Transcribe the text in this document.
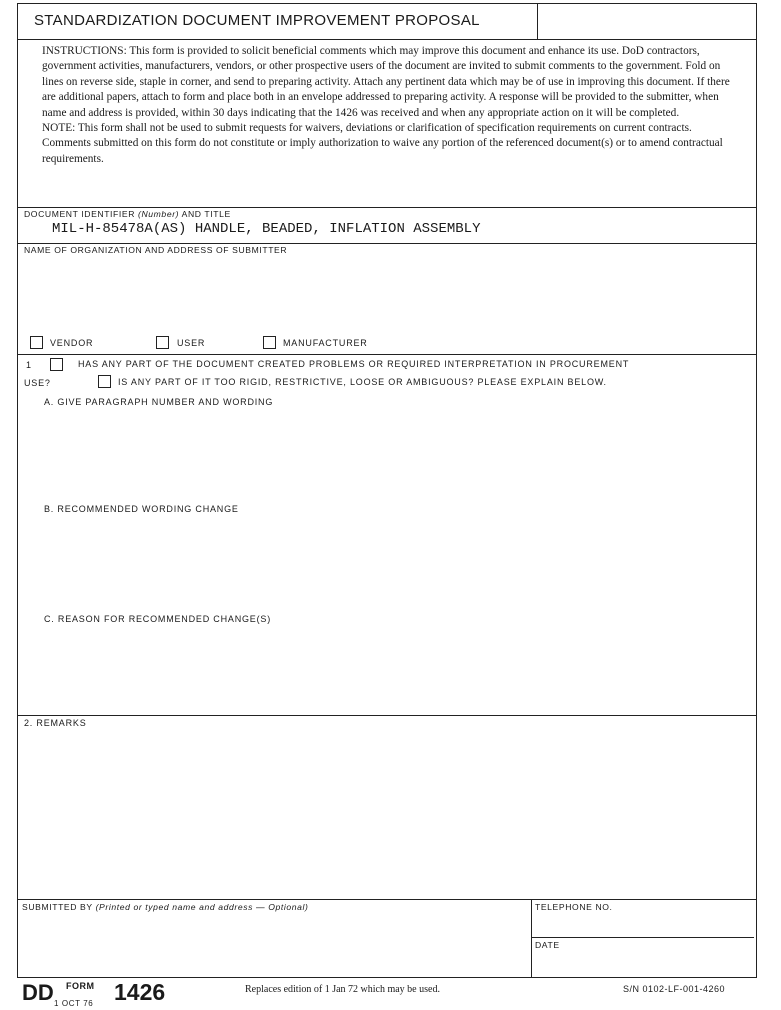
STANDARDIZATION DOCUMENT IMPROVEMENT PROPOSAL

INSTRUCTIONS: This form is provided to solicit beneficial comments which may improve this document and enhance its use. DoD contractors, government activities, manufacturers, vendors, or other prospective users of the document are invited to submit comments to the government. Fold on lines on reverse side, staple in corner, and send to preparing activity. Attach any pertinent data which may be of use in improving this document. If there are additional papers, attach to form and place both in an envelope addressed to preparing activity. A response will be provided to the submitter, when name and address is provided, within 30 days indicating that the 1426 was received and when any appropriate action on it will be completed.

NOTE: This form shall not be used to submit requests for waivers, deviations or clarification of specification requirements on current contracts. Comments submitted on this form do not constitute or imply authorization to waive any portion of the referenced document(s) or to amend contractual requirements.

DOCUMENT IDENTIFIER (Number) AND TITLE
MIL-H-85478A(AS) HANDLE, BEADED, INFLATION ASSEMBLY
NAME OF ORGANIZATION AND ADDRESS OF SUBMITTER
VENDOR	USER	MANUFACTURER
1	HAS ANY PART OF THE DOCUMENT CREATED PROBLEMS OR REQUIRED INTERPRETATION IN PROCUREMENT
USE?	IS ANY PART OF IT TOO RIGID, RESTRICTIVE, LOOSE OR AMBIGUOUS? PLEASE EXPLAIN BELOW.
A. GIVE PARAGRAPH NUMBER AND WORDING
B. RECOMMENDED WORDING CHANGE
C. REASON FOR RECOMMENDED CHANGE(S)
2. REMARKS
SUBMITTED BY (Printed or typed name and address — Optional)	TELEPHONE NO.
DATE
DD FORM
1 OCT 76 1426	Replaces edition of 1 Jan 72 which may be used.	S/N 0102-LF-001-4260
